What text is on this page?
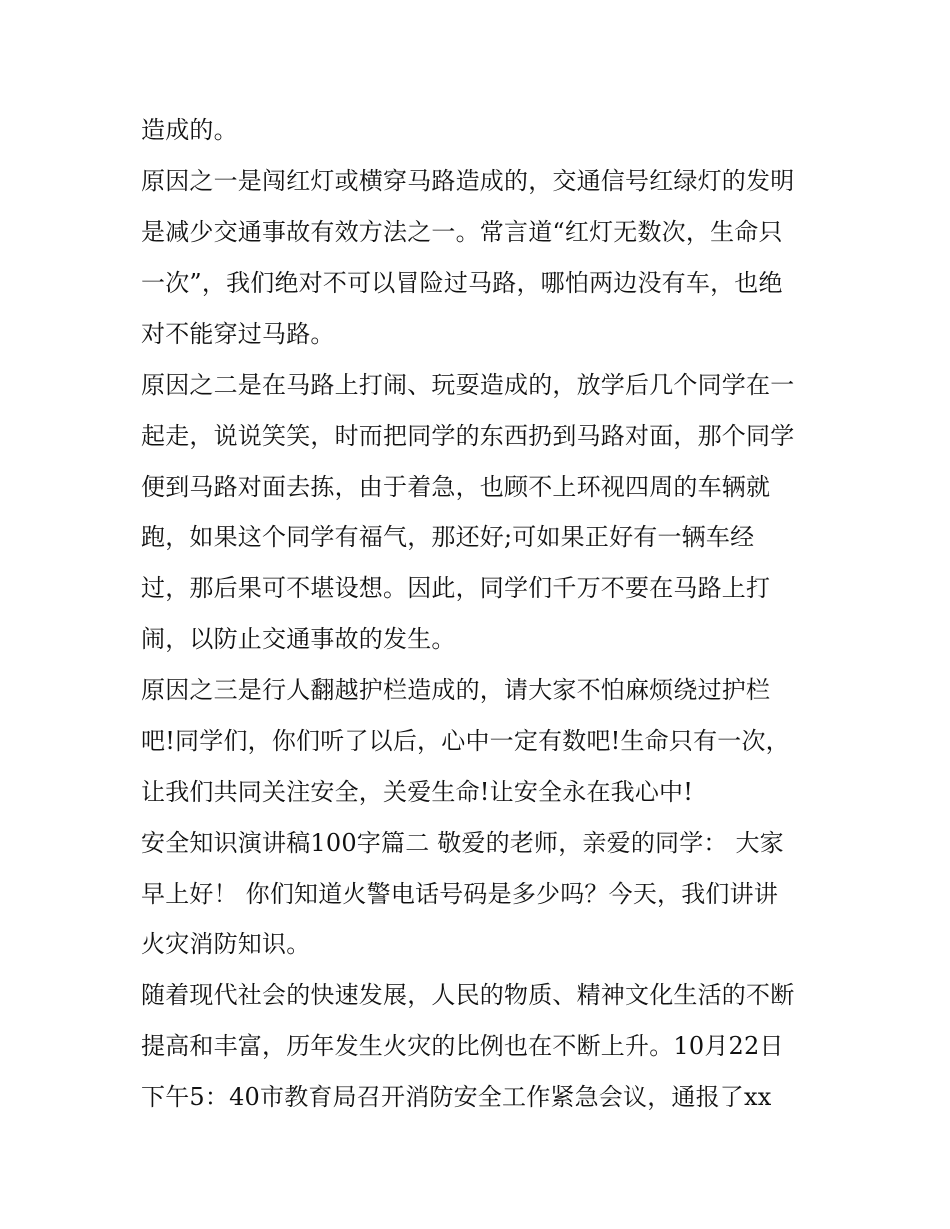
造成的。
原因之一是闯红灯或横穿马路造成的，交通信号红绿灯的发明
是减少交通事故有效方法之一。常言道“红灯无数次，生命只
一次”，我们绝对不可以冒险过马路，哪怕两边没有车，也绝
对不能穿过马路。
原因之二是在马路上打闹、玩耍造成的，放学后几个同学在一
起走，说说笑笑，时而把同学的东西扔到马路对面，那个同学
便到马路对面去拣，由于着急，也顾不上环视四周的车辆就
跑，如果这个同学有福气，那还好;可如果正好有一辆车经
过，那后果可不堪设想。因此，同学们千万不要在马路上打
闹，以防止交通事故的发生。
原因之三是行人翻越护栏造成的，请大家不怕麻烦绕过护栏
吧!同学们，你们听了以后，心中一定有数吧!生命只有一次，
让我们共同关注安全，关爱生命!让安全永在我心中!
安全知识演讲稿100字篇二 敬爱的老师，亲爱的同学： 大家
早上好！ 你们知道火警电话号码是多少吗？今天，我们讲讲
火灾消防知识。
随着现代社会的快速发展，人民的物质、精神文化生活的不断
提高和丰富，历年发生火灾的比例也在不断上升。10月22日
下午5：40市教育局召开消防安全工作紧急会议，通报了xx
